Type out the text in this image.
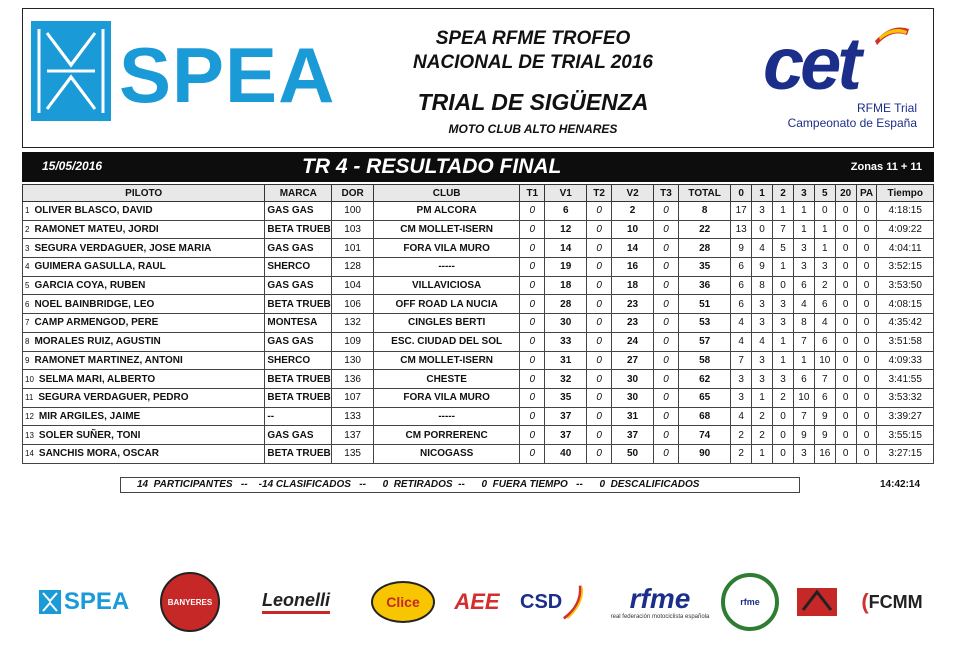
SPEA	SPEA RFME TROFEO
NACIONAL DE TRIAL 2016
TRIAL DE SIGÜENZA
MOTO CLUB ALTO HENARES
cet
RFME Trial
Campeonato de España
15/05/2016	TR 4 - RESULTADO FINAL	Zonas 11 + 11
PILOTO	MARCA	DOR	CLUB	T1	V1	T2	V2	T3	TOTAL	0	1	2	3	5	20	PA	Tiempo
1 OLIVER BLASCO, DAVID	GAS GAS	100	PM ALCORA	0	6	0	2	0	8	17	3	1	1	0	0	0	4:18:15
2 RAMONET MATEU, JORDI	BETA TRUEB	103	CM MOLLET-ISERN	0	12	0	10	0	22	13	0	7	1	1	0	0	4:09:22
3 SEGURA VERDAGUER, JOSE MARIA	GAS GAS	101	FORA VILA MURO	0	14	0	14	0	28	9	4	5	3	1	0	0	4:04:11
4 GUIMERA GASULLA, RAUL	SHERCO	128	-----	0	19	0	16	0	35	6	9	1	3	3	0	0	3:52:15
5 GARCIA COYA, RUBEN	GAS GAS	104	VILLAVICIOSA	0	18	0	18	0	36	6	8	0	6	2	0	0	3:53:50
6 NOEL BAINBRIDGE, LEO	BETA TRUEB	106	OFF ROAD LA NUCIA	0	28	0	23	0	51	6	3	3	4	6	0	0	4:08:15
7 CAMP ARMENGOD, PERE	MONTESA	132	CINGLES BERTI	0	30	0	23	0	53	4	3	3	8	4	0	0	4:35:42
8 MORALES RUIZ, AGUSTIN	GAS GAS	109	ESC. CIUDAD DEL SOL	0	33	0	24	0	57	4	4	1	7	6	0	0	3:51:58
9 RAMONET MARTINEZ, ANTONI	SHERCO	130	CM MOLLET-ISERN	0	31	0	27	0	58	7	3	1	1	10	0	0	4:09:33
10 SELMA MARI, ALBERTO	BETA TRUEB	136	CHESTE	0	32	0	30	0	62	3	3	3	6	7	0	0	3:41:55
11 SEGURA VERDAGUER, PEDRO	BETA TRUEB	107	FORA VILA MURO	0	35	0	30	0	65	3	1	2	10	6	0	0	3:53:32
12 MIR ARGILES, JAIME	--	133	-----	0	37	0	31	0	68	4	2	0	7	9	0	0	3:39:27
13 SOLER SUÑER, TONI	GAS GAS	137	CM PORRERENC	0	37	0	37	0	74	2	2	0	9	9	0	0	3:55:15
14 SANCHIS MORA, OSCAR	BETA TRUEB	135	NICOGASS	0	40	0	50	0	90	2	1	0	3	16	0	0	3:27:15
14  PARTICIPANTES   --    -14 CLASIFICADOS   --      0  RETIRADOS  --      0  FUERA TIEMPO   --      0  DESCALIFICADOS	14:42:14
SPEA	BANYERES	Leonelli	Clice	AEE CSD rfme
real federación motociclista española
rfme	( FCMM
